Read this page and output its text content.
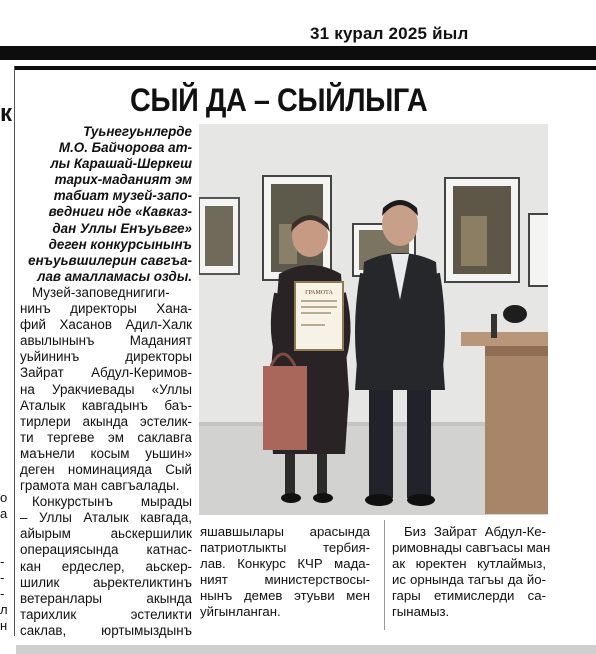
31 курал 2025 йыл
к
о
а
-
-
-
л
н
СЫЙ ДА – СЫЙЛЫГА
Туьнегуьнлерде
М.О. Байчорова ат-
лы Карашай-Шеркеш
тарих-маданият эм
табиат музей-запо-
ведниги нде «Кавказ-
дан Уллы Енъуьвге»
деген конкурсынынъ
енъуьвшилерин савгъа-
лав амалламасы озды.
Музей-заповеднигиги-
нинъ директоры Хана-
фий Хасанов Адил-Халк
авылынынъ Маданият
уьйининъ директоры
Зайрат Абдул-Керимов-
на Уракчиевады «Уллы
Аталык кавгадынъ баъ-
тирлери акында эстелик-
ти тергеве эм саклавга
маънели косым уьшин»
деген номинацияда Сый
грамота ман савгъалады.
Конкурстынъ мырады
– Уллы Аталык кавгада,
айырым аьскершилик
операциясында катнас-
кан ердеслер, аьскер-
шилик аьректеликтинъ
ветеранлары акында
тарихлик эстеликти
саклав, юртымыздынъ
ГРАМОТА
яшавшылары арасында
патриотлыкты тербия-
лав. Конкурс КЧР мада-
ният министерствосы-
нынъ демев этуьви мен
уйгынланган.
Биз Зайрат Абдул-Ке-
римовнады савгъасы ман
ак юректен кутлаймыз,
ис орнында тагъы да йо-
гары етимислерди са-
гынамыз.
